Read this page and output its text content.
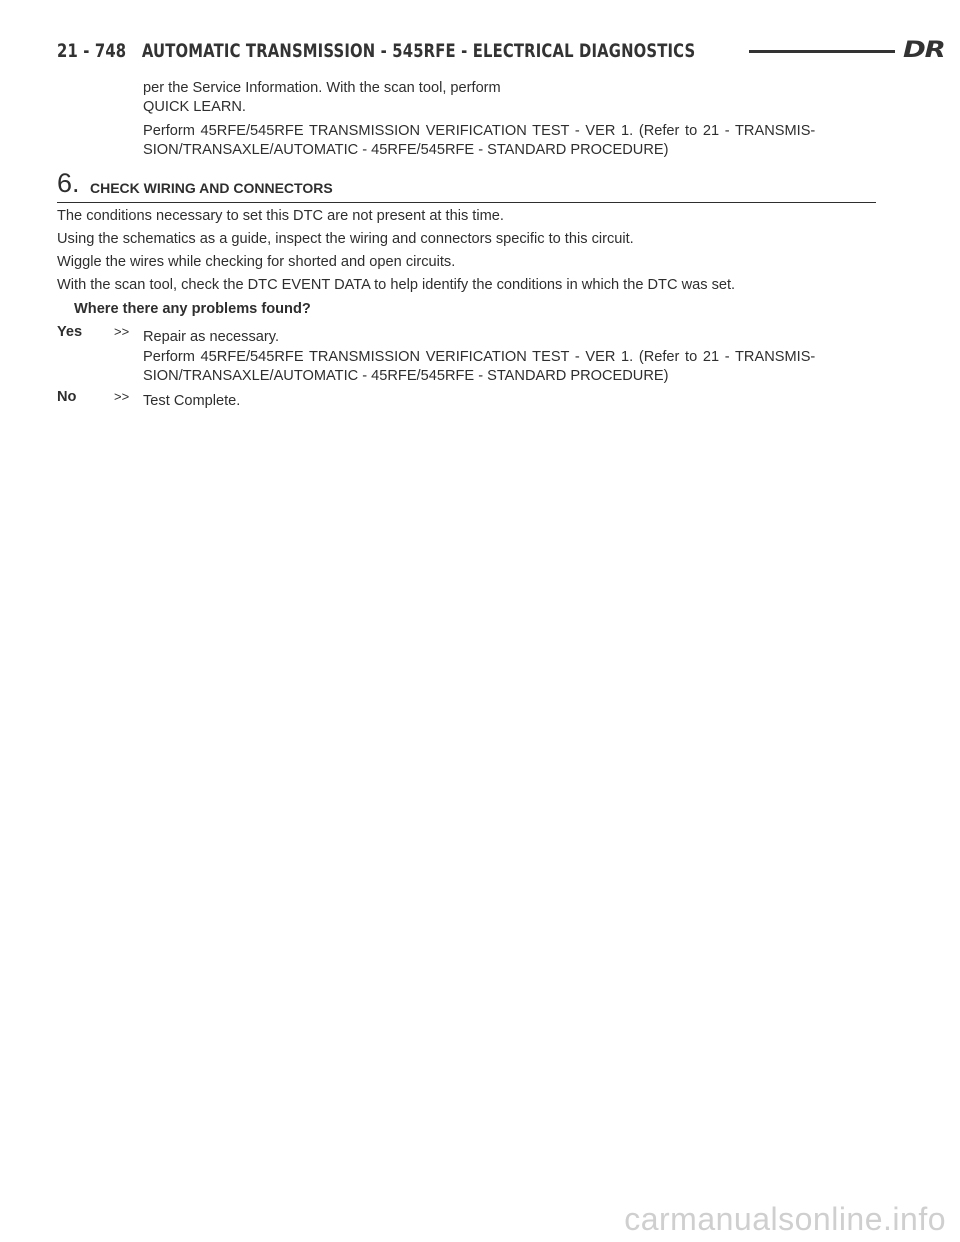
21 - 748 AUTOMATIC TRANSMISSION - 545RFE - ELECTRICAL DIAGNOSTICS	DR
per the Service Information. With the scan tool, perform
QUICK LEARN.
Perform 45RFE/545RFE TRANSMISSION VERIFICATION TEST - VER 1. (Refer to 21 - TRANSMIS-
SION/TRANSAXLE/AUTOMATIC - 45RFE/545RFE - STANDARD PROCEDURE)
6. CHECK WIRING AND CONNECTORS
The conditions necessary to set this DTC are not present at this time.
Using the schematics as a guide, inspect the wiring and connectors specific to this circuit.
Wiggle the wires while checking for shorted and open circuits.
With the scan tool, check the DTC EVENT DATA to help identify the conditions in which the DTC was set.
Where there any problems found?
Yes >> Repair as necessary.
Perform 45RFE/545RFE TRANSMISSION VERIFICATION TEST - VER 1. (Refer to 21 - TRANSMIS-
SION/TRANSAXLE/AUTOMATIC - 45RFE/545RFE - STANDARD PROCEDURE)
No	>> Test Complete.
carmanualsonline.info
